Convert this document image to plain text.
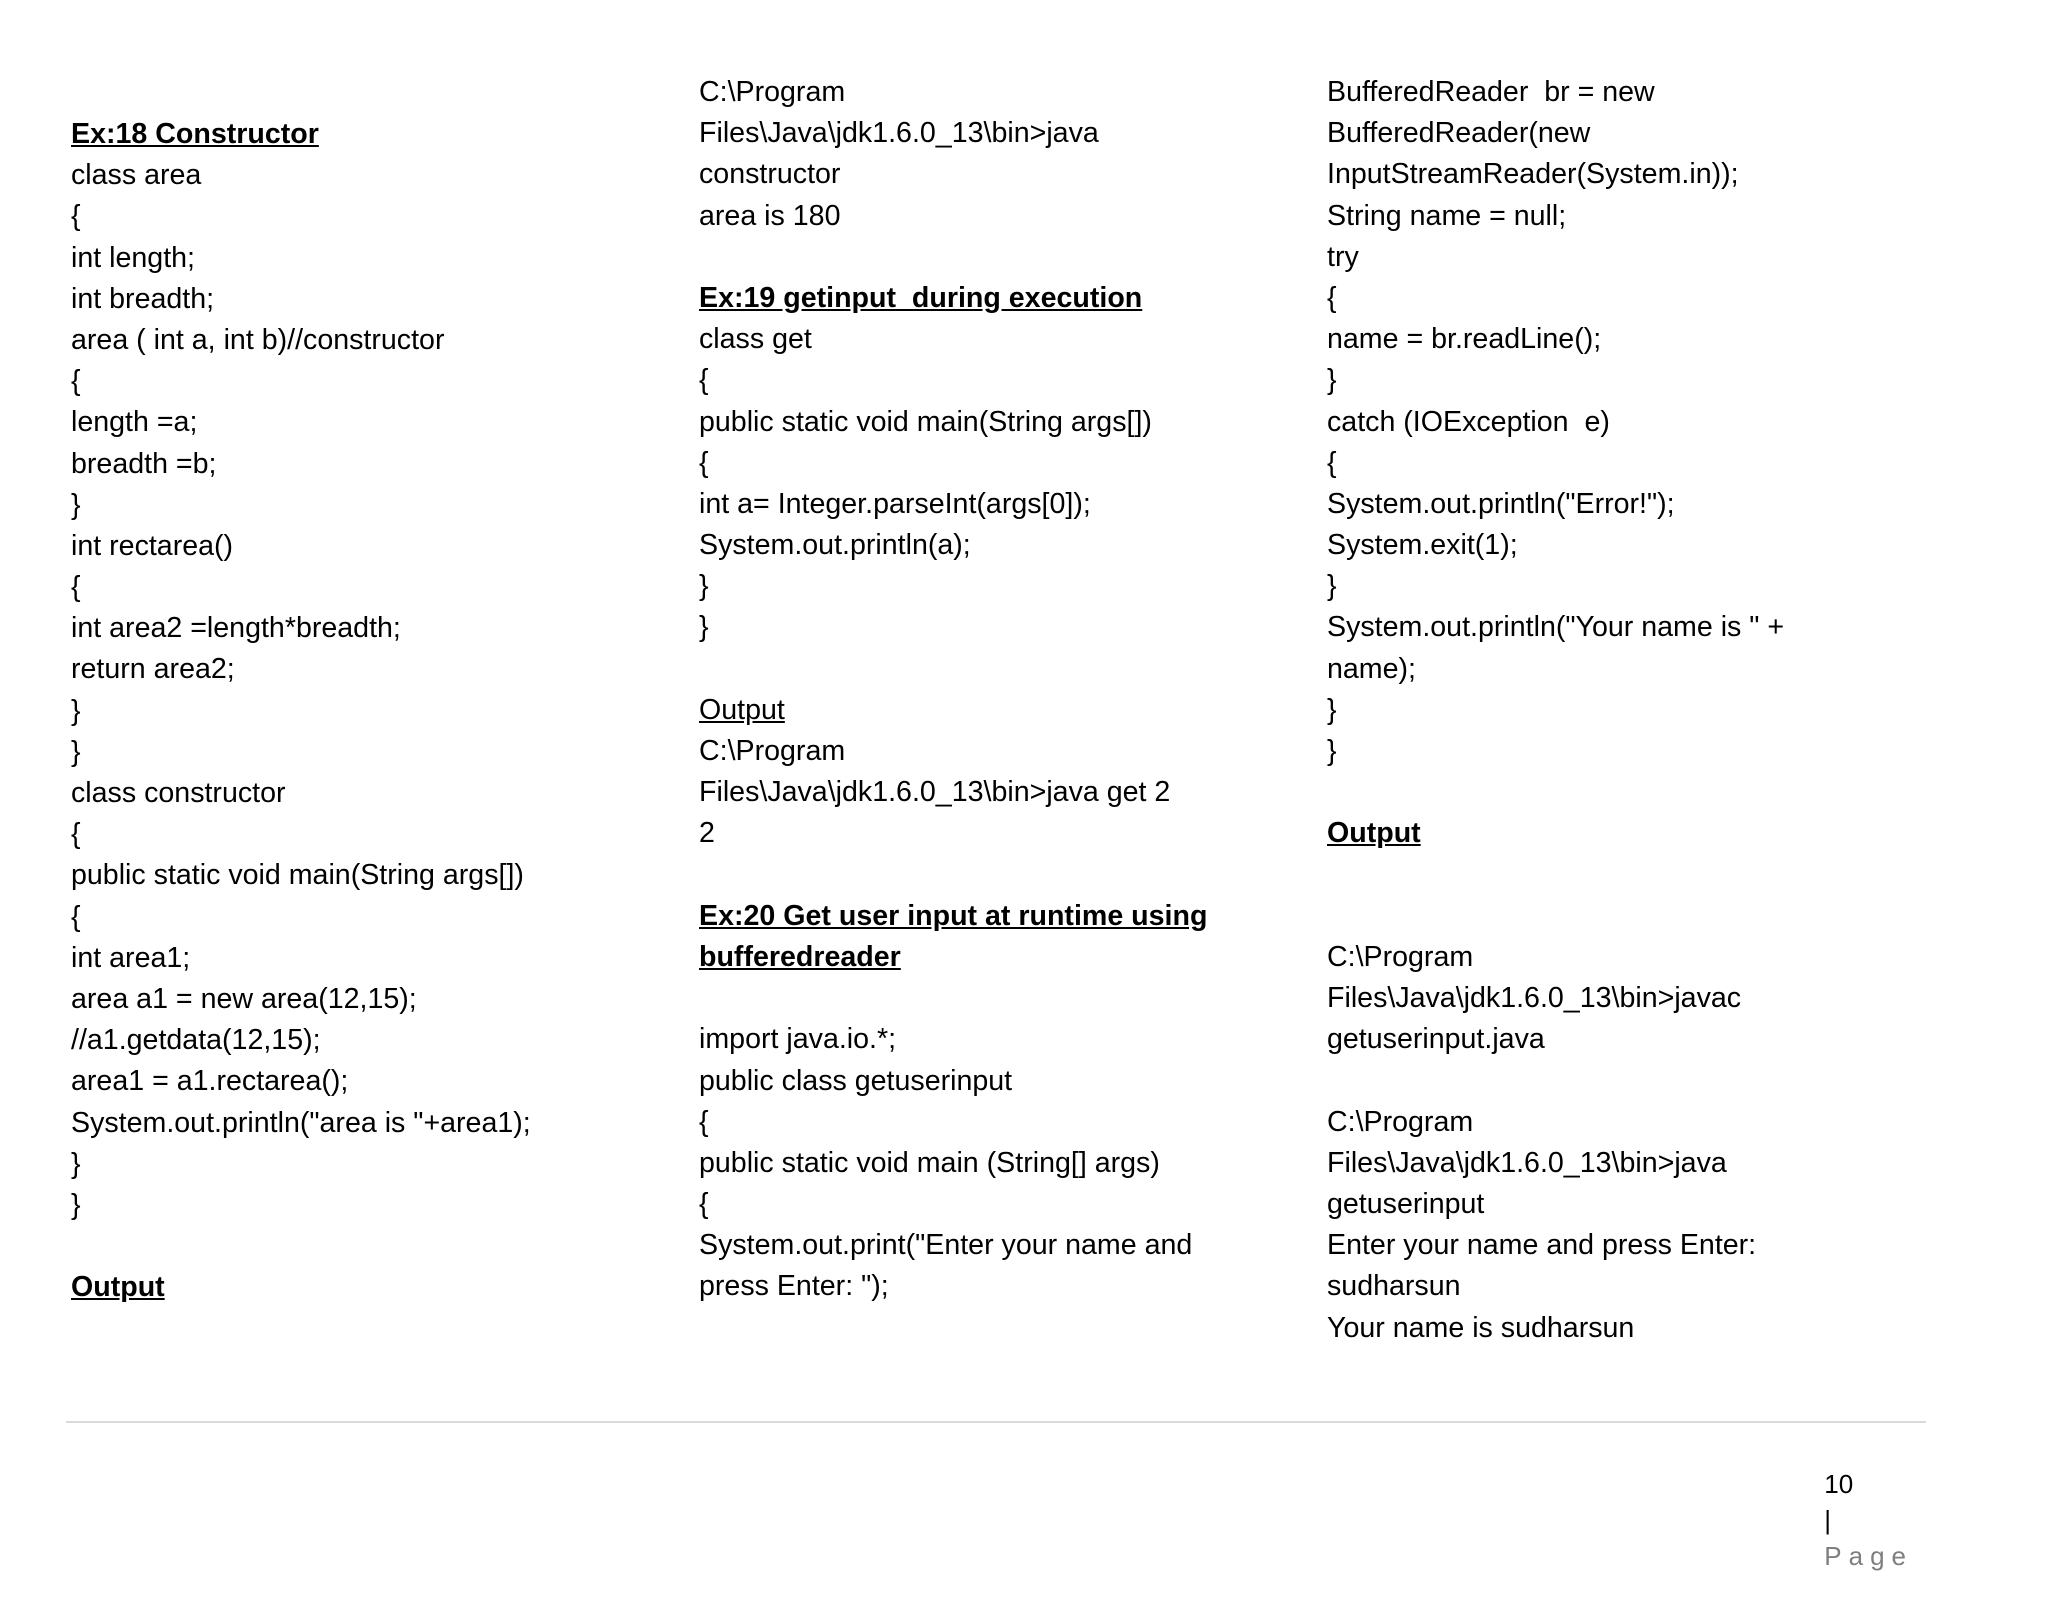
Ex:18 Constructor
class area
{
int length;
int breadth;
area ( int a, int b)//constructor
{
length =a;
breadth =b;
}
int rectarea()
{
int area2 =length*breadth;
return area2;
}
}
class constructor
{
public static void main(String args[])
{
int area1;
area a1 = new area(12,15);
//a1.getdata(12,15);
area1 = a1.rectarea();
System.out.println("area is "+area1);
}
}
Output
C:\Program
Files\Java\jdk1.6.0_13\bin>java
constructor
area is 180
Ex:19 getinput  during execution
class get
{
public static void main(String args[])
{
int a= Integer.parseInt(args[0]);
System.out.println(a);
}
}
Output
C:\Program
Files\Java\jdk1.6.0_13\bin>java get 2
2
Ex:20 Get user input at runtime using
bufferedreader
import java.io.*;
public class getuserinput
{
public static void main (String[] args)
{
System.out.print("Enter your name and
press Enter: ");
BufferedReader  br = new
BufferedReader(new
InputStreamReader(System.in));
String name = null;
try
{
name = br.readLine();
}
catch (IOException  e)
{
System.out.println("Error!");
System.exit(1);
}
System.out.println("Your name is " +
name);
}
}
Output
C:\Program
Files\Java\jdk1.6.0_13\bin>javac
getuserinput.java
C:\Program
Files\Java\jdk1.6.0_13\bin>java
getuserinput
Enter your name and press Enter:
sudharsun
Your name is sudharsun

10
|
Page
